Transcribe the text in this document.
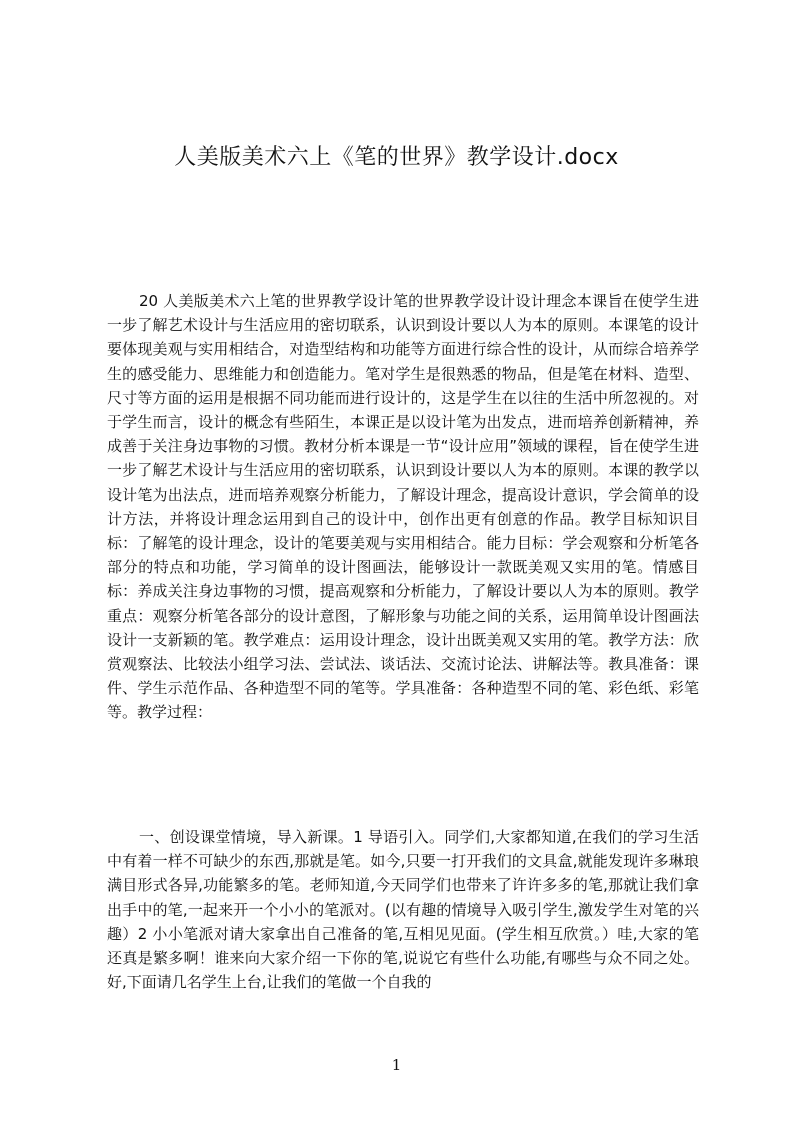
人美版美术六上《笔的世界》教学设计.docx

20 人美版美术六上笔的世界教学设计笔的世界教学设计设计理念本课旨在使学生进一步了解艺术设计与生活应用的密切联系，认识到设计要以人为本的原则。本课笔的设计要体现美观与实用相结合，对造型结构和功能等方面进行综合性的设计，从而综合培养学生的感受能力、思维能力和创造能力。笔对学生是很熟悉的物品，但是笔在材料、造型、尺寸等方面的运用是根据不同功能而进行设计的，这是学生在以往的生活中所忽视的。对于学生而言，设计的概念有些陌生，本课正是以设计笔为出发点，进而培养创新精神，养成善于关注身边事物的习惯。教材分析本课是一节“设计应用”领域的课程，旨在使学生进一步了解艺术设计与生活应用的密切联系，认识到设计要以人为本的原则。本课的教学以设计笔为出法点，进而培养观察分析能力，了解设计理念，提高设计意识，学会简单的设计方法，并将设计理念运用到自己的设计中，创作出更有创意的作品。教学目标知识目标：了解笔的设计理念，设计的笔要美观与实用相结合。能力目标：学会观察和分析笔各部分的特点和功能，学习简单的设计图画法，能够设计一款既美观又实用的笔。情感目标：养成关注身边事物的习惯，提高观察和分析能力，了解设计要以人为本的原则。教学重点：观察分析笔各部分的设计意图，了解形象与功能之间的关系，运用简单设计图画法设计一支新颖的笔。教学难点：运用设计理念，设计出既美观又实用的笔。教学方法：欣赏观察法、比较法小组学习法、尝试法、谈话法、交流讨论法、讲解法等。教具准备：课件、学生示范作品、各种造型不同的笔等。学具准备：各种造型不同的笔、彩色纸、彩笔等。教学过程：

一、创设课堂情境，导入新课。1 导语引入。同学们,大家都知道,在我们的学习生活中有着一样不可缺少的东西,那就是笔。如今,只要一打开我们的文具盒,就能发现许多琳琅满目形式各异,功能繁多的笔。老师知道,今天同学们也带来了许许多多的笔,那就让我们拿出手中的笔,一起来开一个小小的笔派对。(以有趣的情境导入吸引学生,激发学生对笔的兴趣）2 小小笔派对请大家拿出自己准备的笔,互相见见面。(学生相互欣赏。）哇,大家的笔还真是繁多啊！谁来向大家介绍一下你的笔,说说它有些什么功能,有哪些与众不同之处。好,下面请几名学生上台,让我们的笔做一个自我的

1
